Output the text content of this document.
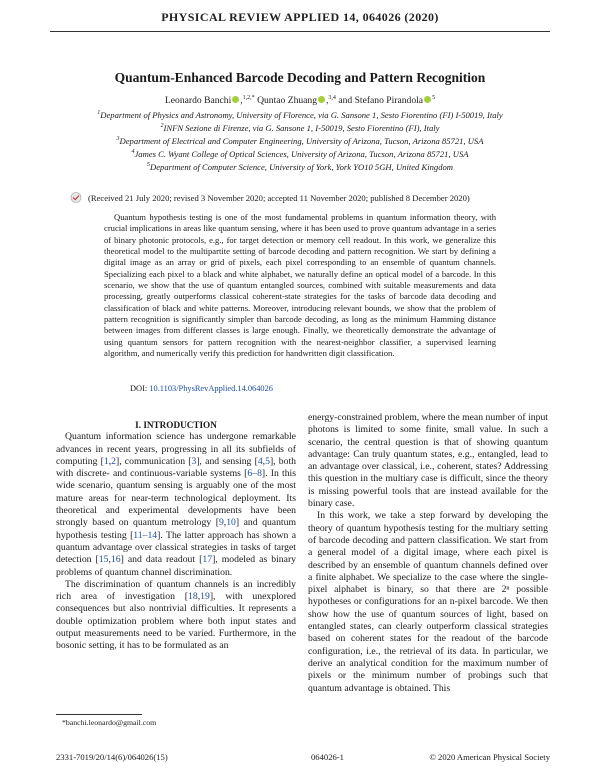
PHYSICAL REVIEW APPLIED 14, 064026 (2020)
Quantum-Enhanced Barcode Decoding and Pattern Recognition
Leonardo Banchi ,$^{1,2,*}$ Quntao Zhuang ,$^{3,4}$ and Stefano Pirandola $^5$
$^1$Department of Physics and Astronomy, University of Florence, via G. Sansone 1, Sesto Fiorentino (FI) I-50019, Italy
$^2$INFN Sezione di Firenze, via G. Sansone 1, I-50019, Sesto Fiorentino (FI), Italy
$^3$Department of Electrical and Computer Engineering, University of Arizona, Tucson, Arizona 85721, USA
$^4$James C. Wyant College of Optical Sciences, University of Arizona, Tucson, Arizona 85721, USA
$^5$Department of Computer Science, University of York, York YO10 5GH, United Kingdom
(Received 21 July 2020; revised 3 November 2020; accepted 11 November 2020; published 8 December 2020)
Quantum hypothesis testing is one of the most fundamental problems in quantum information theory, with crucial implications in areas like quantum sensing, where it has been used to prove quantum advantage in a series of binary photonic protocols, e.g., for target detection or memory cell readout. In this work, we generalize this theoretical model to the multipartite setting of barcode decoding and pattern recognition. We start by defining a digital image as an array or grid of pixels, each pixel corresponding to an ensemble of quantum channels. Specializing each pixel to a black and white alphabet, we naturally define an optical model of a barcode. In this scenario, we show that the use of quantum entangled sources, combined with suitable measurements and data processing, greatly outperforms classical coherent-state strategies for the tasks of barcode data decoding and classification of black and white patterns. Moreover, introducing relevant bounds, we show that the problem of pattern recognition is significantly simpler than barcode decoding, as long as the minimum Hamming distance between images from different classes is large enough. Finally, we theoretically demonstrate the advantage of using quantum sensors for pattern recognition with the nearest-neighbor classifier, a supervised learning algorithm, and numerically verify this prediction for handwritten digit classification.
DOI: 10.1103/PhysRevApplied.14.064026

I. INTRODUCTION

Quantum information science has undergone remarkable advances in recent years, progressing in all its subfields of computing [1,2], communication [3], and sensing [4,5], both with discrete- and continuous-variable systems [6–8]. In this wide scenario, quantum sensing is arguably one of the most mature areas for near-term technological deployment. Its theoretical and experimental developments have been strongly based on quantum metrology [9,10] and quantum hypothesis testing [11–14]. The latter approach has shown a quantum advantage over classical strategies in tasks of target detection [15,16] and data readout [17], modeled as binary problems of quantum channel discrimination.

The discrimination of quantum channels is an incredibly rich area of investigation [18,19], with unexplored consequences but also nontrivial difficulties. It represents a double optimization problem where both input states and output measurements need to be varied. Furthermore, in the bosonic setting, it has to be formulated as an

energy-constrained problem, where the mean number of input photons is limited to some finite, small value. In such a scenario, the central question is that of showing quantum advantage: Can truly quantum states, e.g., entangled, lead to an advantage over classical, i.e., coherent, states? Addressing this question in the multiary case is difficult, since the theory is missing powerful tools that are instead available for the binary case.

In this work, we take a step forward by developing the theory of quantum hypothesis testing for the multiary setting of barcode decoding and pattern classification. We start from a general model of a digital image, where each pixel is described by an ensemble of quantum channels defined over a finite alphabet. We specialize to the case where the single-pixel alphabet is binary, so that there are 2ⁿ possible hypotheses or configurations for an n-pixel barcode. We then show how the use of quantum sources of light, based on entangled states, can clearly outperform classical strategies based on coherent states for the readout of the barcode configuration, i.e., the retrieval of its data. In particular, we derive an analytical condition for the maximum number of pixels or the minimum number of probings such that quantum advantage is obtained. This

*banchi.leonardo@gmail.com
2331-7019/20/14(6)/064026(15)	064026-1	© 2020 American Physical Society
